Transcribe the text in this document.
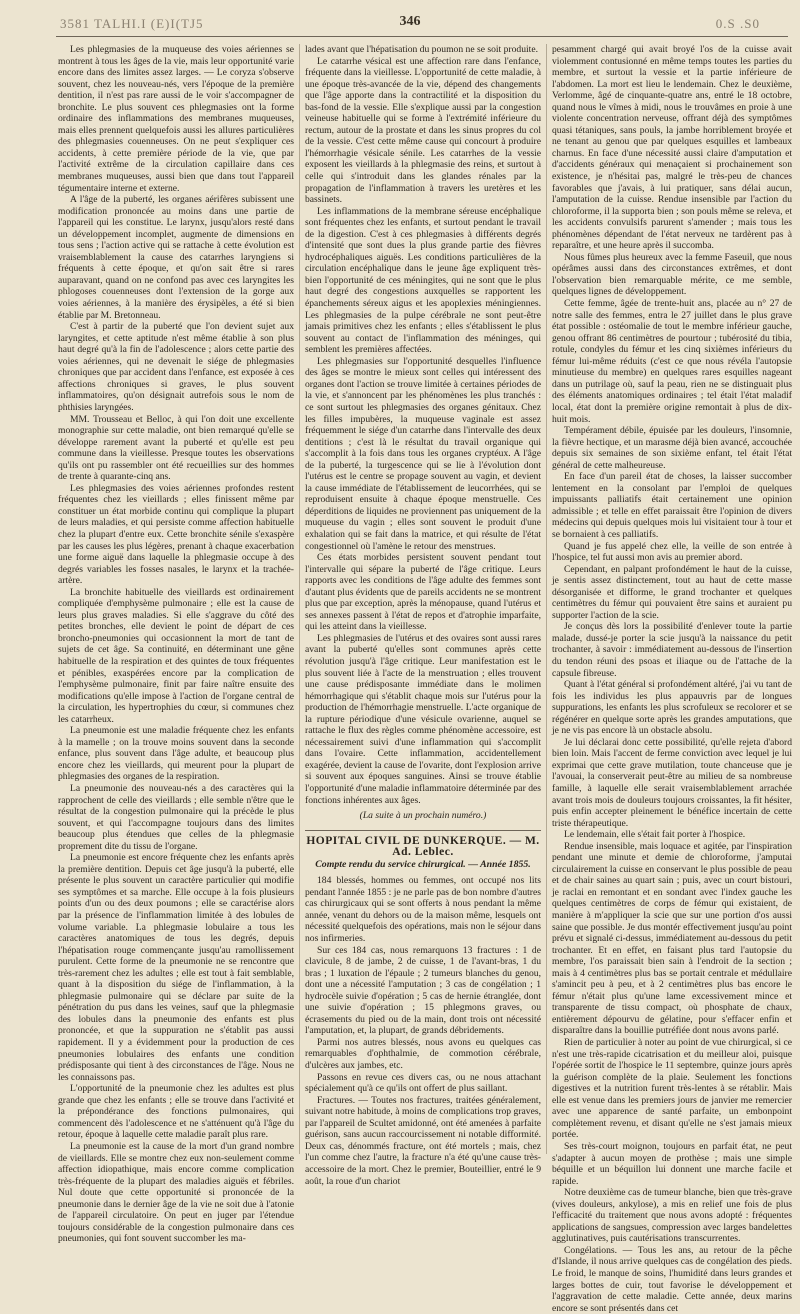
3581 TALHI.I (E)I(TJ5	346	0.S .S0

Les phlegmasies de la muqueuse des voies aériennes se montrent à tous les âges de la vie, mais leur opportunité varie encore dans des limites assez larges. — Le coryza s'observe souvent, chez les nouveau-nés, vers l'époque de la première dentition, il n'est pas rare aussi de le voir s'accompagner de bronchite. Le plus souvent ces phlegmasies ont la forme ordinaire des inflammations des membranes muqueuses, mais elles prennent quelquefois aussi les allures particulières des phlegmasies couenneuses. On ne peut s'expliquer ces accidents, à cette première période de la vie, que par l'activité extrême de la circulation capillaire dans ces membranes muqueuses, aussi bien que dans tout l'appareil tégumentaire interne et externe.

A l'âge de la puberté, les organes aérifères subissent une modification prononcée au moins dans une partie de l'appareil qui les constitue. Le larynx, jusqu'alors resté dans un développement incomplet, augmente de dimensions en tous sens ; l'action active qui se rattache à cette évolution est vraisemblablement la cause des catarrhes laryngiens si fréquents à cette époque, et qu'on sait être si rares auparavant, quand on ne confond pas avec ces laryngites les phlogoses couenneuses dont l'extension de la gorge aux voies aériennes, à la manière des érysipèles, a été si bien établie par M. Bretonneau.

C'est à partir de la puberté que l'on devient sujet aux laryngites, et cette aptitude n'est même établie à son plus haut degré qu'à la fin de l'adolescence ; alors cette partie des voies aériennes, qui ne devenait le siége de phlegmasies chroniques que par accident dans l'enfance, est exposée à ces affections chroniques si graves, le plus souvent inflammatoires, qu'on désignait autrefois sous le nom de phthisies laryngées.

MM. Trousseau et Belloc, à qui l'on doit une excellente monographie sur cette maladie, ont bien remarqué qu'elle se développe rarement avant la puberté et qu'elle est peu commune dans la vieillesse. Presque toutes les observations qu'ils ont pu rassembler ont été recueillies sur des hommes de trente à quarante-cinq ans.

Les phlegmasies des voies aériennes profondes restent fréquentes chez les vieillards ; elles finissent même par constituer un état morbide continu qui complique la plupart de leurs maladies, et qui persiste comme affection habituelle chez la plupart d'entre eux. Cette bronchite sénile s'exaspère par les causes les plus légères, prenant à chaque exacerbation une forme aiguë dans laquelle la phlegmasie occupe à des degrés variables les fosses nasales, le larynx et la trachée-artère.

La bronchite habituelle des vieillards est ordinairement compliquée d'emphysème pulmonaire ; elle est la cause de leurs plus graves maladies. Si elle s'aggrave du côté des petites bronches, elle devient le point de départ de ces broncho-pneumonies qui occasionnent la mort de tant de sujets de cet âge. Sa continuité, en déterminant une gêne habituelle de la respiration et des quintes de toux fréquentes et pénibles, exaspérées encore par la complication de l'emphysème pulmonaire, finit par faire naître ensuite des modifications qu'elle impose à l'action de l'organe central de la circulation, les hypertrophies du cœur, si communes chez les catarrheux.

La pneumonie est une maladie fréquente chez les enfants à la mamelle ; on la trouve moins souvent dans la seconde enfance, plus souvent dans l'âge adulte, et beaucoup plus encore chez les vieillards, qui meurent pour la plupart de phlegmasies des organes de la respiration.

La pneumonie des nouveau-nés a des caractères qui la rapprochent de celle des vieillards ; elle semble n'être que le résultat de la congestion pulmonaire qui la précède le plus souvent, et qui l'accompagne toujours dans des limites beaucoup plus étendues que celles de la phlegmasie proprement dite du tissu de l'organe.

La pneumonie est encore fréquente chez les enfants après la première dentition. Depuis cet âge jusqu'à la puberté, elle présente le plus souvent un caractère particulier qui modifie ses symptômes et sa marche. Elle occupe à la fois plusieurs points d'un ou des deux poumons ; elle se caractérise alors par la présence de l'inflammation limitée à des lobules de volume variable. La phlegmasie lobulaire a tous les caractères anatomiques de tous les degrés, depuis l'hépatisation rouge commençante jusqu'au ramollissement purulent. Cette forme de la pneumonie ne se rencontre que très-rarement chez les adultes ; elle est tout à fait semblable, quant à la disposition du siége de l'inflammation, à la phlegmasie pulmonaire qui se déclare par suite de la pénétration du pus dans les veines, sauf que la phlegmasie des lobules dans la pneumonie des enfants est plus prononcée, et que la suppuration ne s'établit pas aussi rapidement. Il y a évidemment pour la production de ces pneumonies lobulaires des enfants une condition prédisposante qui tient à des circonstances de l'âge. Nous ne les connaissons pas.

L'opportunité de la pneumonie chez les adultes est plus grande que chez les enfants ; elle se trouve dans l'activité et la prépondérance des fonctions pulmonaires, qui commencent dès l'adolescence et ne s'atténuent qu'à l'âge du retour, époque à laquelle cette maladie paraît plus rare.

La pneumonie est la cause de la mort d'un grand nombre de vieillards. Elle se montre chez eux non-seulement comme affection idiopathique, mais encore comme complication très-fréquente de la plupart des maladies aiguës et fébriles. Nul doute que cette opportunité si prononcée de la pneumonie dans le dernier âge de la vie ne soit due à l'atonie de l'appareil circulatoire. On peut en juger par l'étendue toujours considérable de la congestion pulmonaire dans ces pneumonies, qui font souvent succomber les ma-

lades avant que l'hépatisation du poumon ne se soit produite.

Le catarrhe vésical est une affection rare dans l'enfance, fréquente dans la vieillesse. L'opportunité de cette maladie, à une époque très-avancée de la vie, dépend des changements que l'âge apporte dans la contractilité et la disposition du bas-fond de la vessie. Elle s'explique aussi par la congestion veineuse habituelle qui se forme à l'extrémité inférieure du rectum, autour de la prostate et dans les sinus propres du col de la vessie. C'est cette même cause qui concourt à produire l'hémorrhagie vésicale sénile. Les catarrhes de la vessie exposent les vieillards à la phlegmasie des reins, et surtout à celle qui s'introduit dans les glandes rénales par la propagation de l'inflammation à travers les uretères et les bassinets.

Les inflammations de la membrane séreuse encéphalique sont fréquentes chez les enfants, et surtout pendant le travail de la digestion. C'est à ces phlegmasies à différents degrés d'intensité que sont dues la plus grande partie des fièvres hydrocéphaliques aiguës. Les conditions particulières de la circulation encéphalique dans le jeune âge expliquent très-bien l'opportunité de ces méningites, qui ne sont que le plus haut degré des congestions auxquelles se rapportent les épanchements séreux aigus et les apoplexies méningiennes. Les phlegmasies de la pulpe cérébrale ne sont peut-être jamais primitives chez les enfants ; elles s'établissent le plus souvent au contact de l'inflammation des méninges, qui semblent les premières affectées.

Les phlegmasies sur l'opportunité desquelles l'influence des âges se montre le mieux sont celles qui intéressent des organes dont l'action se trouve limitée à certaines périodes de la vie, et s'annoncent par les phénomènes les plus tranchés : ce sont surtout les phlegmasies des organes génitaux. Chez les filles impubères, la muqueuse vaginale est assez fréquemment le siége d'un catarrhe dans l'intervalle des deux dentitions ; c'est là le résultat du travail organique qui s'accomplit à la fois dans tous les organes cryptéux. A l'âge de la puberté, la turgescence qui se lie à l'évolution dont l'utérus est le centre se propage souvent au vagin, et devient la cause immédiate de l'établissement de leucorrhées, qui se reproduisent ensuite à chaque époque menstruelle. Ces déperditions de liquides ne proviennent pas uniquement de la muqueuse du vagin ; elles sont souvent le produit d'une exhalation qui se fait dans la matrice, et qui résulte de l'état congestionnel où l'amène le retour des menstrues.

Ces états morbides persistent souvent pendant tout l'intervalle qui sépare la puberté de l'âge critique. Leurs rapports avec les conditions de l'âge adulte des femmes sont d'autant plus évidents que de pareils accidents ne se montrent plus que par exception, après la ménopause, quand l'utérus et ses annexes passent à l'état de repos et d'atrophie imparfaite, qui les atteint dans la vieillesse.

Les phlegmasies de l'utérus et des ovaires sont aussi rares avant la puberté qu'elles sont communes après cette révolution jusqu'à l'âge critique. Leur manifestation est le plus souvent liée à l'acte de la menstruation ; elles trouvent une cause prédisposante immédiate dans le molimen hémorrhagique qui s'établit chaque mois sur l'utérus pour la production de l'hémorrhagie menstruelle. L'acte organique de la rupture périodique d'une vésicule ovarienne, auquel se rattache le flux des règles comme phénomène accessoire, est nécessairement suivi d'une inflammation qui s'accomplit dans l'ovaire. Cette inflammation, accidentellement exagérée, devient la cause de l'ovarite, dont l'explosion arrive si souvent aux époques sanguines. Ainsi se trouve établie l'opportunité d'une maladie inflammatoire déterminée par des fonctions inhérentes aux âges.

(La suite à un prochain numéro.)

HOPITAL CIVIL DE DUNKERQUE. — M. Ad. Leblec.

Compte rendu du service chirurgical. — Année 1855.

184 blessés, hommes ou femmes, ont occupé nos lits pendant l'année 1855 : je ne parle pas de bon nombre d'autres cas chirurgicaux qui se sont offerts à nous pendant la même année, venant du dehors ou de la maison même, lesquels ont nécessité quelquefois des opérations, mais non le séjour dans nos infirmeries.

Sur ces 184 cas, nous remarquons 13 fractures : 1 de clavicule, 8 de jambe, 2 de cuisse, 1 de l'avant-bras, 1 du bras ; 1 luxation de l'épaule ; 2 tumeurs blanches du genou, dont une a nécessité l'amputation ; 3 cas de congélation ; 1 hydrocèle suivie d'opération ; 5 cas de hernie étranglée, dont une suivie d'opération ; 15 phlegmons graves, ou écrasements du pied ou de la main, dont trois ont nécessité l'amputation, et, la plupart, de grands débridements.

Parmi nos autres blessés, nous avons eu quelques cas remarquables d'ophthalmie, de commotion cérébrale, d'ulcères aux jambes, etc.

Passons en revue ces divers cas, ou ne nous attachant spécialement qu'à ce qu'ils ont offert de plus saillant.

Fractures. — Toutes nos fractures, traitées généralement, suivant notre habitude, à moins de complications trop graves, par l'appareil de Scultet amidonné, ont été amenées à parfaite guérison, sans aucun raccourcissement ni notable difformité. Deux cas, dénommés fracture, ont été mortels ; mais, chez l'un comme chez l'autre, la fracture n'a été qu'une cause très-accessoire de la mort. Chez le premier, Bouteillier, entré le 9 août, la roue d'un chariot

pesamment chargé qui avait broyé l'os de la cuisse avait violemment contusionné en même temps toutes les parties du membre, et surtout la vessie et la partie inférieure de l'abdomen. La mort est lieu le lendemain. Chez le deuxième, Verlomme, âgé de cinquante-quatre ans, entré le 18 octobre, quand nous le vîmes à midi, nous le trouvâmes en proie à une violente concentration nerveuse, offrant déjà des symptômes quasi tétaniques, sans pouls, la jambe horriblement broyée et ne tenant au genou que par quelques esquilles et lambeaux charnus. En face d'une nécessité aussi claire d'amputation et d'accidents généraux qui menaçaient si prochainement son existence, je n'hésitai pas, malgré le très-peu de chances favorables que j'avais, à lui pratiquer, sans délai aucun, l'amputation de la cuisse. Rendue insensible par l'action du chloroforme, il la supporta bien ; son pouls même se releva, et les accidents convulsifs parurent s'amender ; mais tous les phénomènes dépendant de l'état nerveux ne tardèrent pas à reparaître, et une heure après il succomba.

Nous fûmes plus heureux avec la femme Faseuil, que nous opérâmes aussi dans des circonstances extrêmes, et dont l'observation bien remarquable mérite, ce me semble, quelques lignes de développement.

Cette femme, âgée de trente-huit ans, placée au n° 27 de notre salle des femmes, entra le 27 juillet dans le plus grave état possible : ostéomalie de tout le membre inférieur gauche, genou offrant 86 centimètres de pourtour ; tubérosité du tibia, rotule, condyles du fémur et les cinq sixièmes inférieurs du fémur lui-même réduits (c'est ce que nous révéla l'autopsie minutieuse du membre) en quelques rares esquilles nageant dans un putrilage où, sauf la peau, rien ne se distinguait plus des éléments anatomiques ordinaires ; tel était l'état maladif local, état dont la première origine remontait à plus de dix-huit mois.

Tempérament débile, épuisée par les douleurs, l'insomnie, la fièvre hectique, et un marasme déjà bien avancé, accouchée depuis six semaines de son sixième enfant, tel était l'état général de cette malheureuse.

En face d'un pareil état de choses, la laisser succomber lentement en la consolant par l'emploi de quelques impuissants palliatifs était certainement une opinion admissible ; et telle en effet paraissait être l'opinion de divers médecins qui depuis quelques mois lui visitaient tour à tour et se bornaient à ces palliatifs.

Quand je fus appelé chez elle, la veille de son entrée à l'hospice, tel fut aussi mon avis au premier abord.

Cependant, en palpant profondément le haut de la cuisse, je sentis assez distinctement, tout au haut de cette masse désorganisée et difforme, le grand trochanter et quelques centimètres du fémur qui pouvaient être sains et auraient pu supporter l'action de la scie.

Je conçus dès lors la possibilité d'enlever toute la partie malade, dussé-je porter la scie jusqu'à la naissance du petit trochanter, à savoir : immédiatement au-dessous de l'insertion du tendon réuni des psoas et iliaque ou de l'attache de la capsule fibreuse.

Quant à l'état général si profondément altéré, j'ai vu tant de fois les individus les plus appauvris par de longues suppurations, les enfants les plus scrofuleux se recolorer et se régénérer en quelque sorte après les grandes amputations, que je ne vis pas encore là un obstacle absolu.

Je lui déclarai donc cette possibilité, qu'elle rejeta d'abord bien loin. Mais l'accent de ferme conviction avec lequel je lui exprimai que cette grave mutilation, toute chanceuse que je l'avouai, la conserverait peut-être au milieu de sa nombreuse famille, à laquelle elle serait vraisemblablement arrachée avant trois mois de douleurs toujours croissantes, la fit hésiter, puis enfin accepter pleinement le bénéfice incertain de cette triste thérapeutique.

Le lendemain, elle s'était fait porter à l'hospice.

Rendue insensible, mais loquace et agitée, par l'inspiration pendant une minute et demie de chloroforme, j'amputai circulairement la cuisse en conservant le plus possible de peau et de chair saines au quart sain ; puis, avec un court bistouri, je raclai en remontant et en sondant avec l'index gauche les quelques centimètres de corps de fémur qui existaient, de manière à m'appliquer la scie que sur une portion d'os aussi saine que possible. Je dus montér effectivement jusqu'au point prévu et signalé ci-dessus, immédiatement au-dessous du petit trochanter. Et en effet, en faisant plus tard l'autopsie du membre, l'os paraissait bien sain à l'endroit de la section ; mais à 4 centimètres plus bas se portait centrale et médullaire s'amincit peu à peu, et à 2 centimètres plus bas encore le fémur n'était plus qu'une lame excessivement mince et transparente de tissu compact, où phosphate de chaux, entièrement dépourvu de gélatine, pour s'effacer enfin et disparaître dans la bouillie putréfiée dont nous avons parlé.

Rien de particulier à noter au point de vue chirurgical, si ce n'est une très-rapide cicatrisation et du meilleur aloi, puisque l'opérée sortit de l'hospice le 11 septembre, quinze jours après la guérison complète de la plaie. Seulement les fonctions digestives et la nutrition furent très-lentes à se rétablir. Mais elle est venue dans les premiers jours de janvier me remercier avec une apparence de santé parfaite, un embonpoint complètement revenu, et disant qu'elle ne s'est jamais mieux portée.

Ses très-court moignon, toujours en parfait état, ne peut s'adapter à aucun moyen de prothèse ; mais une simple béquille et un béquillon lui donnent une marche facile et rapide.

Notre deuxième cas de tumeur blanche, bien que très-grave (vives douleurs, ankylose), a mis en relief une fois de plus l'efficacité du traitement que nous avons adopté : fréquentes applications de sangsues, compression avec larges bandelettes agglutinatives, puis cautérisations transcurrentes.

Congélations. — Tous les ans, au retour de la pêche d'Islande, il nous arrive quelques cas de congélation des pieds. Le froid, le manque de soins, l'humidité dans leurs grandes et larges bottes de cuir, tout favorise le développement et l'aggravation de cette maladie. Cette année, deux marins encore se sont présentés dans cet
